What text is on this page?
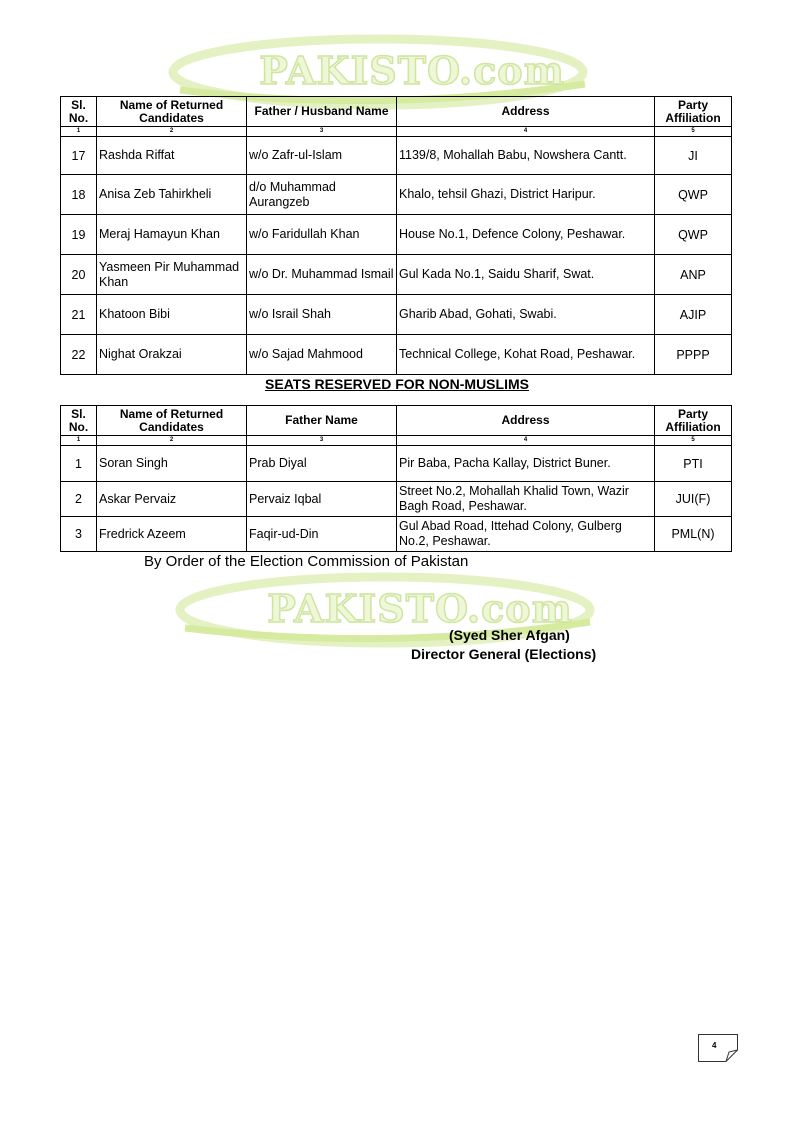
PAKISTO.com
Sl. No.	Name of Returned Candidates	Father / Husband Name	Address	Party Affiliation
1	2	3	4	5
17	Rashda Riffat	w/o Zafr-ul-Islam	1139/8, Mohallah Babu, Nowshera Cantt.	JI
18	Anisa Zeb Tahirkheli	d/o Muhammad Aurangzeb	Khalo, tehsil Ghazi, District Haripur.	QWP
19	Meraj Hamayun Khan	w/o Faridullah Khan	House No.1, Defence Colony, Peshawar.	QWP
20	Yasmeen Pir Muhammad Khan	w/o Dr. Muhammad Ismail	Gul Kada No.1, Saidu Sharif, Swat.	ANP
21	Khatoon Bibi	w/o Israil Shah	Gharib Abad, Gohati, Swabi.	AJIP
22	Nighat Orakzai	w/o Sajad Mahmood	Technical College, Kohat Road, Peshawar.	PPPP
SEATS RESERVED FOR NON-MUSLIMS
Sl. No.	Name of Returned Candidates	Father Name	Address	Party Affiliation
1	2	3	4	5
1	Soran Singh	Prab Diyal	Pir Baba, Pacha Kallay, District Buner.	PTI
2	Askar Pervaiz	Pervaiz Iqbal	Street No.2, Mohallah Khalid Town, Wazir Bagh Road, Peshawar.	JUI(F)
3	Fredrick Azeem	Faqir-ud-Din	Gul Abad Road, Ittehad Colony, Gulberg No.2, Peshawar.	PML(N)
By Order of the Election Commission of Pakistan
PAKISTO.com
(Syed Sher Afgan)
Director General (Elections)
4
